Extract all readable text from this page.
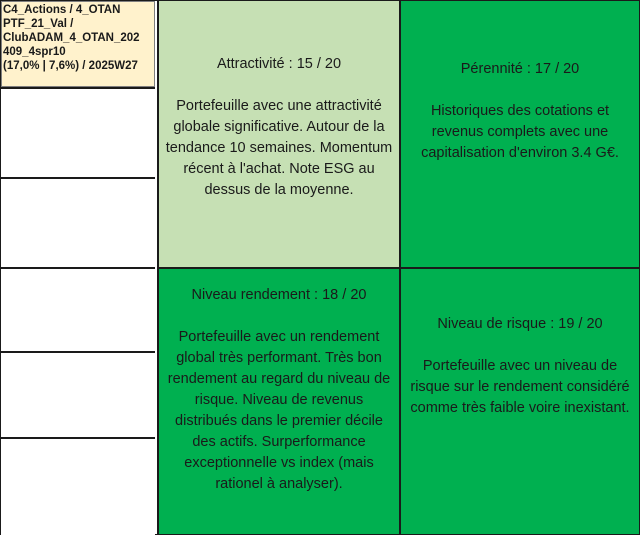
C4_Actions / 4_OTAN
PTF_21_Val /
ClubADAM_4_OTAN_202
409_4spr10
(17,0% | 7,6%) / 2025W27	Attractivité : 15 / 20
Portefeuille avec une attractivité globale significative. Autour de la tendance 10 semaines. Momentum récent à l'achat. Note ESG au dessus de la moyenne.
Pérennité : 17 / 20
Historiques des cotations et revenus complets avec une capitalisation d'environ 3.4 G€.
Niveau rendement : 18 / 20
Portefeuille avec un rendement global très performant. Très bon rendement au regard du niveau de risque. Niveau de revenus distribués dans le premier décile des actifs. Surperformance exceptionnelle vs index (mais rationel à analyser).
Niveau de risque : 19 / 20
Portefeuille avec un niveau de risque sur le rendement considéré comme très faible voire inexistant.
